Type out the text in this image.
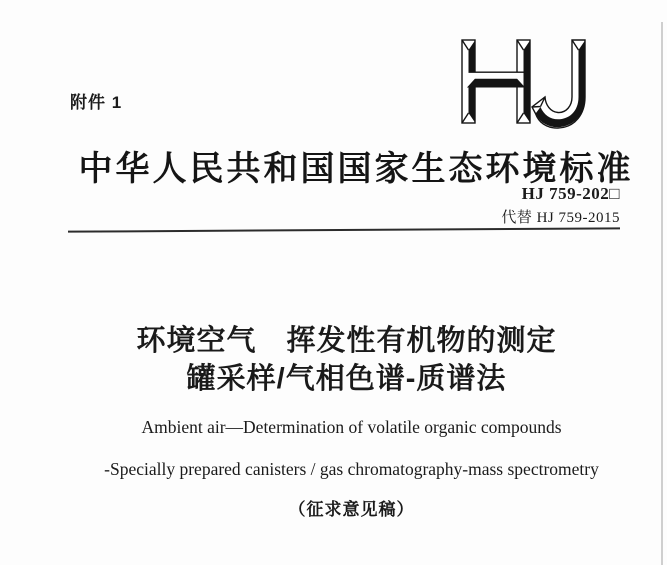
附件 1
中华人民共和国国家生态环境标准
HJ 759-202□
代替 HJ 759-2015
环境空气　挥发性有机物的测定
罐采样/气相色谱-质谱法

Ambient air—Determination of volatile organic compounds

-Specially prepared canisters / gas chromatography-mass spectrometry

（征求意见稿）
